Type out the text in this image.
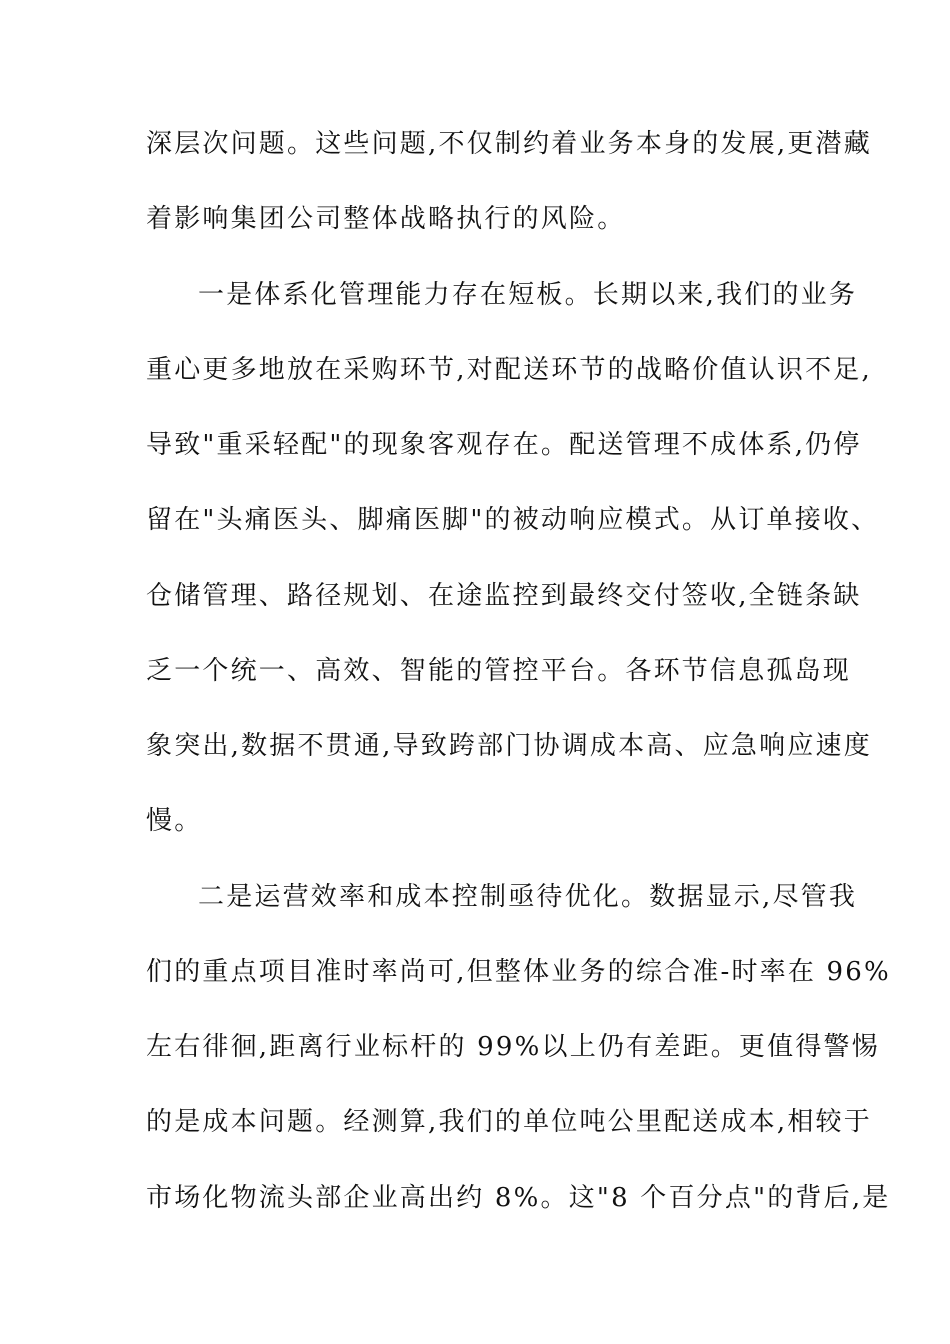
深层次问题。这些问题,不仅制约着业务本身的发展,更潜藏
着影响集团公司整体战略执行的风险。
一是体系化管理能力存在短板。长期以来,我们的业务
重心更多地放在采购环节,对配送环节的战略价值认识不足,
导致"重采轻配"的现象客观存在。配送管理不成体系,仍停
留在"头痛医头、脚痛医脚"的被动响应模式。从订单接收、
仓储管理、路径规划、在途监控到最终交付签收,全链条缺
乏一个统一、高效、智能的管控平台。各环节信息孤岛现
象突出,数据不贯通,导致跨部门协调成本高、应急响应速度
慢。
二是运营效率和成本控制亟待优化。数据显示,尽管我
们的重点项目准时率尚可,但整体业务的综合准-时率在 96%
左右徘徊,距离行业标杆的 99%以上仍有差距。更值得警惕
的是成本问题。经测算,我们的单位吨公里配送成本,相较于
市场化物流头部企业高出约 8%。这"8 个百分点"的背后,是
